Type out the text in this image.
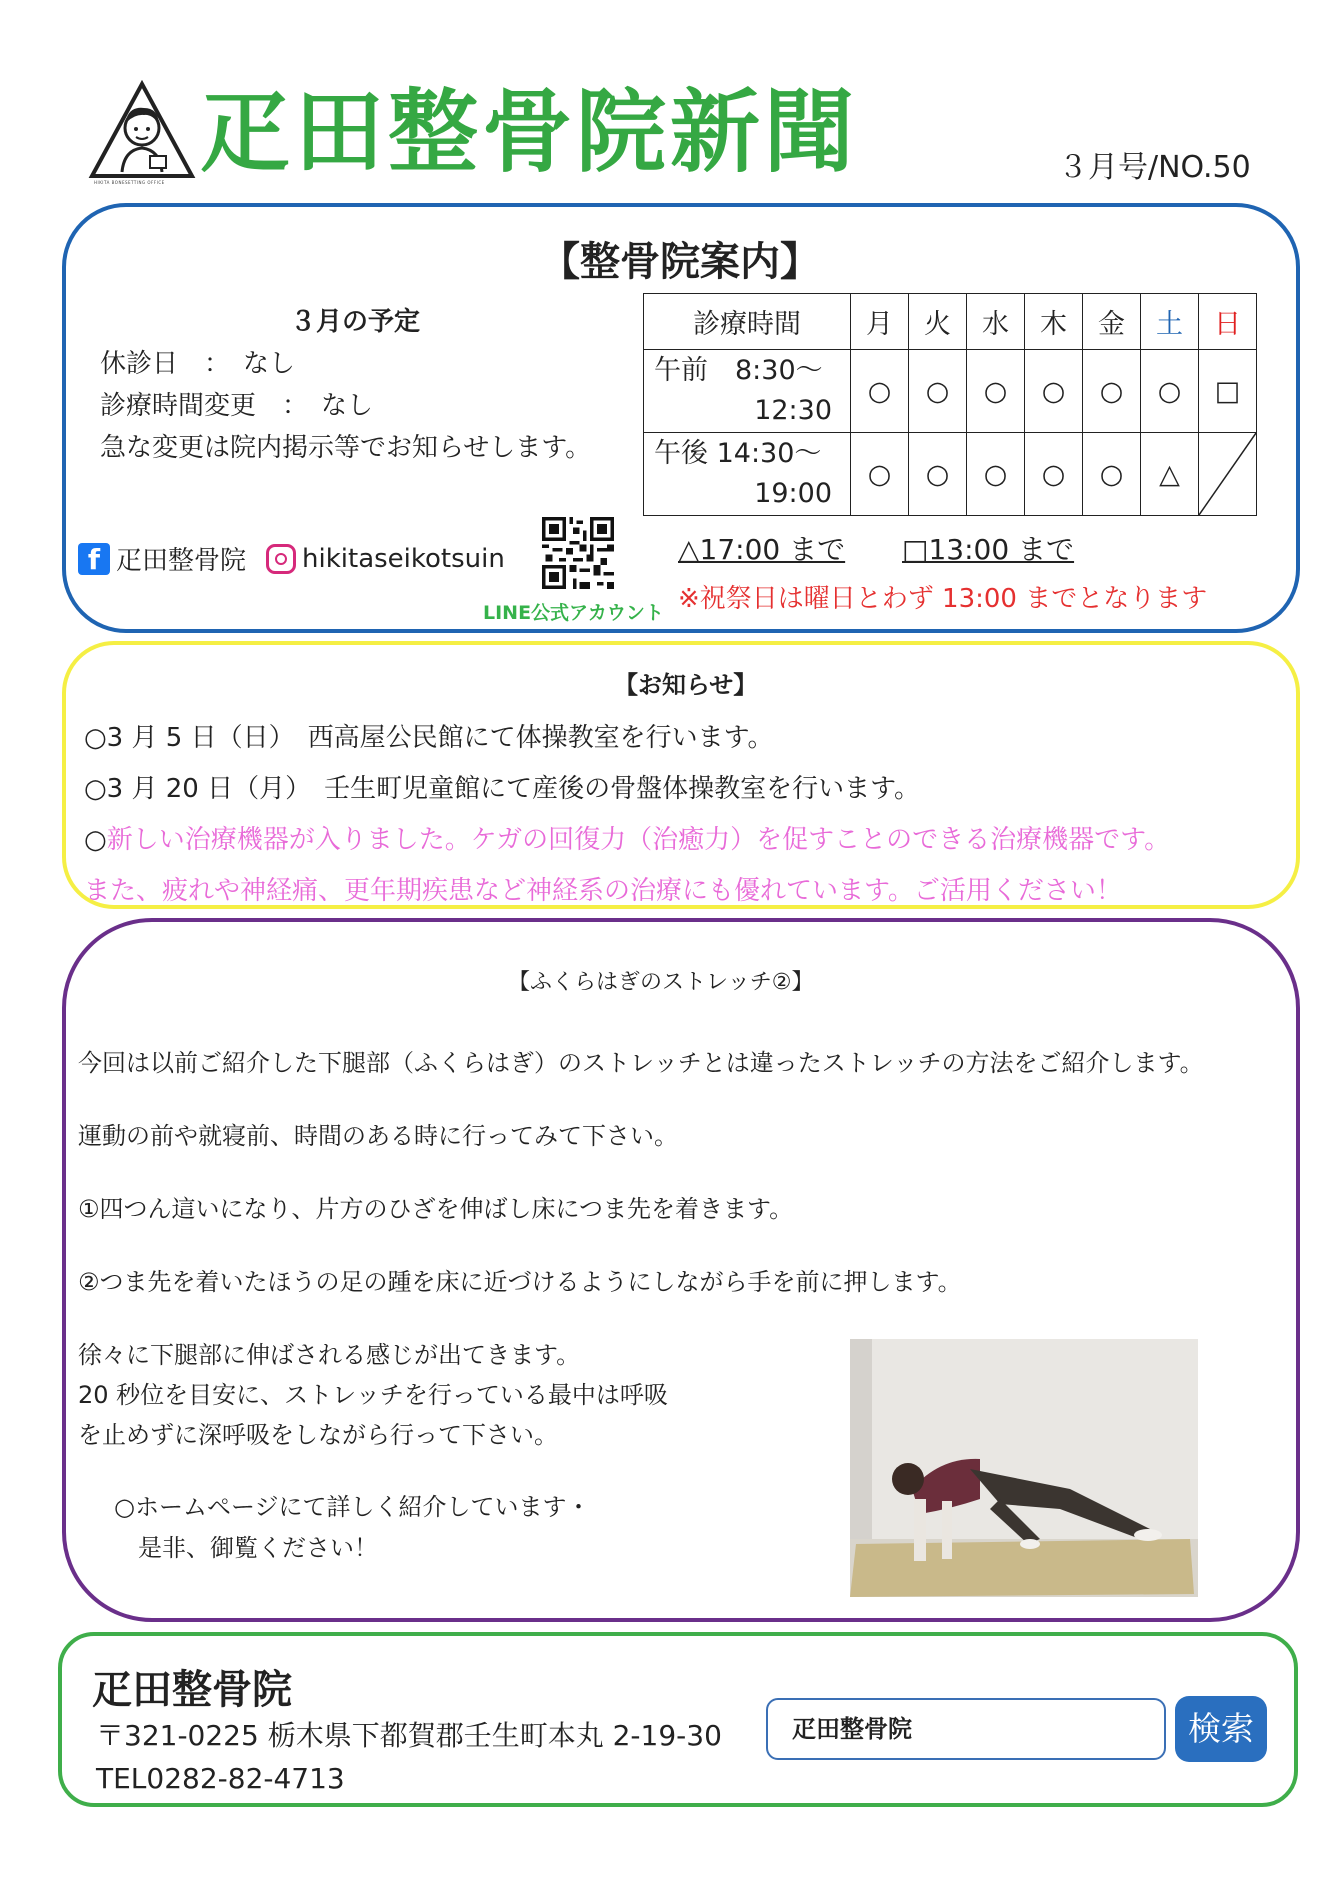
HIKITA BONESETTING OFFICE 疋田整骨院新聞	３月号/NO.50
【整骨院案内】
３月の予定
休診日　：　なし
診療時間変更　：　なし
急な変更は院内掲示等でお知らせします。
診療時間	月	火	水	木	金	土	日
午前　8:30〜
12:30	○	○	○	○	○	○	□
午後 14:30〜
19:00	○	○	○	○	○	△	
△17:00 まで □13:00 まで
※祝祭日は曜日とわず 13:00 までとなります
f 疋田整骨院 hikitaseikotsuin
LINE公式アカウント
【お知らせ】
○3 月 5 日（日）　西高屋公民館にて体操教室を行います。
○3 月 20 日（月）　壬生町児童館にて産後の骨盤体操教室を行います。
○新しい治療機器が入りました。ケガの回復力（治癒力）を促すことのできる治療機器です。
また、疲れや神経痛、更年期疾患など神経系の治療にも優れています。ご活用ください！
【ふくらはぎのストレッチ②】
今回は以前ご紹介した下腿部（ふくらはぎ）のストレッチとは違ったストレッチの方法をご紹介します。
運動の前や就寝前、時間のある時に行ってみて下さい。
①四つん這いになり、片方のひざを伸ばし床につま先を着きます。
②つま先を着いたほうの足の踵を床に近づけるようにしながら手を前に押します。
徐々に下腿部に伸ばされる感じが出てきます。
20 秒位を目安に、ストレッチを行っている最中は呼吸
を止めずに深呼吸をしながら行って下さい。
○ホームページにて詳しく紹介しています・
是非、御覧ください！
疋田整骨院
〒321-0225 栃木県下都賀郡壬生町本丸 2-19-30
TEL0282-82-4713
疋田整骨院	検索
